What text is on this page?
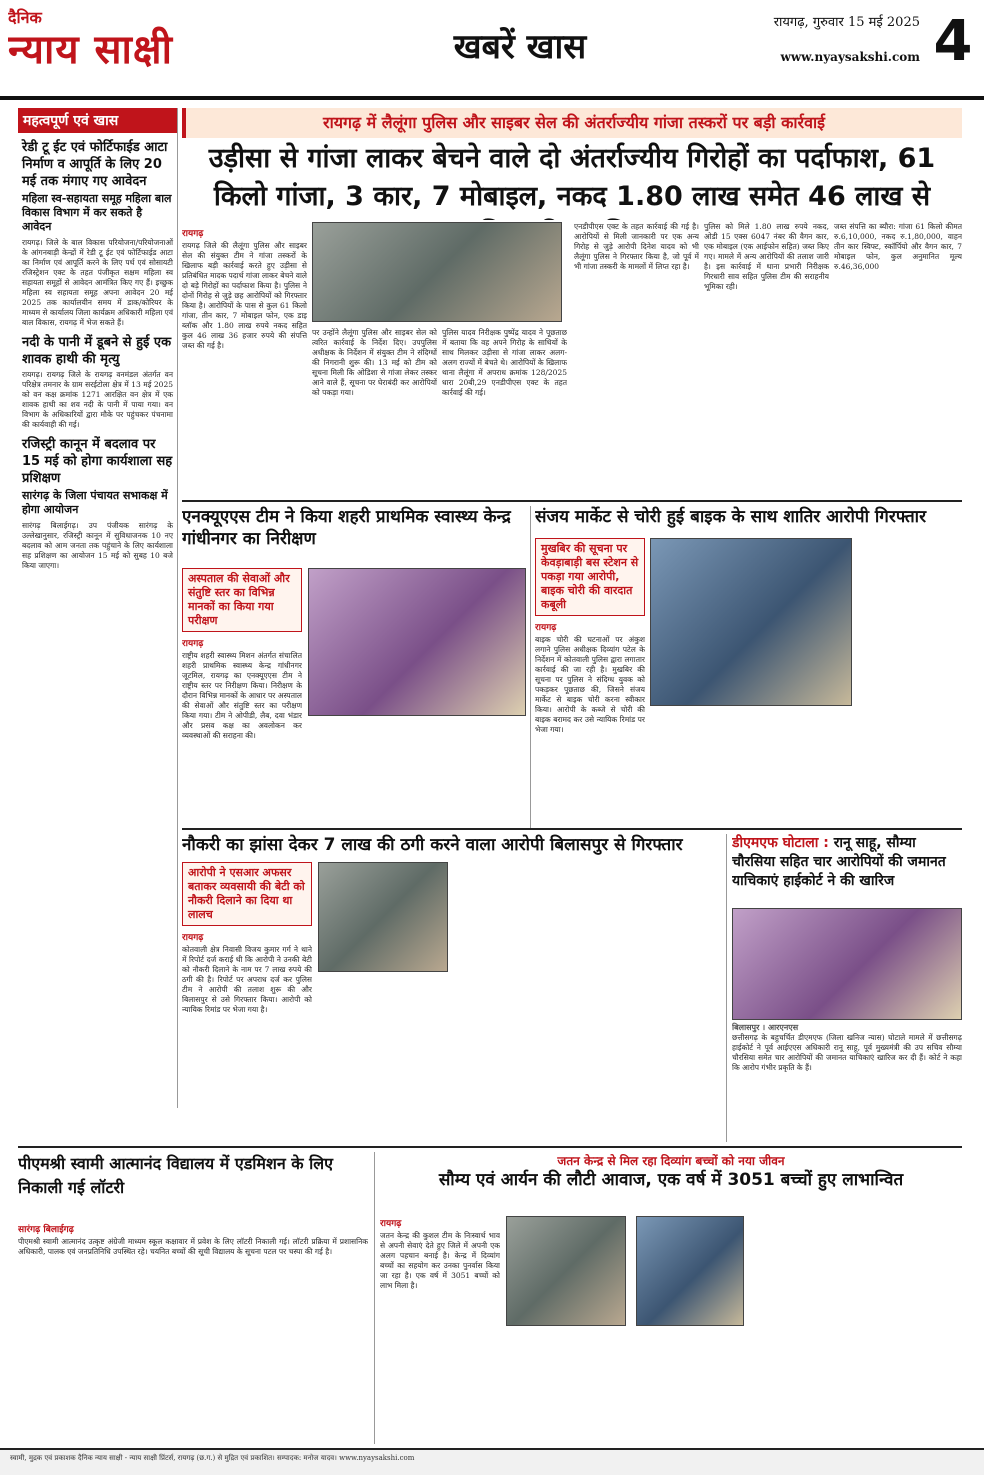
दैनिक
न्याय साक्षी	खबरें खास
रायगढ़, गुरुवार 15 मई 2025
www.nyaysakshi.com 4
महत्वपूर्ण एवं खास
रेडी टू ईट एवं फोर्टिफाईड आटा निर्माण व आपूर्ति के लिए 20 मई तक मंगाए गए आवेदन
महिला स्व-सहायता समूह महिला बाल विकास विभाग में कर सकते है आवेदन
रायगढ़। जिले के बाल विकास परियोजना/परियोजनाओं के आंगनबाड़ी केन्द्रों में रेडी टू ईट एवं फोर्टिफाईड आटा का निर्माण एवं आपूर्ति करने के लिए पर्थ एवं सोसायटी रजिस्ट्रेशन एक्ट के तहत पंजीकृत सक्षम महिला स्व सहायता समूहों से आवेदन आमंत्रित किए गए हैं। इच्छुक महिला स्व सहायता समूह अपना आवेदन 20 मई 2025 तक कार्यालयीन समय में डाक/कोरियर के माध्यम से कार्यालय जिला कार्यक्रम अधिकारी महिला एवं बाल विकास, रायगढ़ में भेज सकते हैं।
नदी के पानी में डूबने से हुई एक शावक हाथी की मृत्यु
रायगढ़। रायगढ़ जिले के रायगढ़ वनमंडल अंतर्गत वन परिक्षेत्र तमनार के ग्राम सरईटोला क्षेत्र में 13 मई 2025 को वन कक्ष क्रमांक 1271 आरक्षित वन क्षेत्र में एक शावक हाथी का शव नदी के पानी में पाया गया। वन विभाग के अधिकारियों द्वारा मौके पर पहुंचकर पंचनामा की कार्यवाही की गई।
रजिस्ट्री कानून में बदलाव पर 15 मई को होगा कार्यशाला सह प्रशिक्षण
सारंगढ़ के जिला पंचायत सभाकक्ष में होगा आयोजन
सारंगढ़ बिलाईगढ़। उप पंजीयक सारंगढ़ के उल्लेखानुसार, रजिस्ट्री कानून में सुविधाजनक 10 नए बदलाव को आम जनता तक पहुंचाने के लिए कार्यशाला सह प्रशिक्षण का आयोजन 15 मई को सुबह 10 बजे किया जाएगा।
रायगढ़ में लैलूंगा पुलिस और साइबर सेल की अंतर्राज्यीय गांजा तस्करों पर बड़ी कार्रवाई
उड़ीसा से गांजा लाकर बेचने वाले दो अंतर्राज्यीय गिरोहों का पर्दाफाश, 61 किलो गांजा, 3 कार, 7 मोबाइल, नकद 1.80 लाख समेत 46 लाख से
रायगढ़
रायगढ़ जिले की लैलूंगा पुलिस और साइबर सेल की संयुक्त टीम ने गांजा तस्करों के खिलाफ बड़ी कार्रवाई करते हुए उड़ीसा से प्रतिबंधित मादक पदार्थ गांजा लाकर बेचने वाले दो बड़े गिरोहों का पर्दाफाश किया है। पुलिस ने दोनों गिरोह से जुड़े छह आरोपियों को गिरफ्तार किया है। आरोपियों के पास से कुल 61 किलो गांजा, तीन कार, 7 मोबाइल फोन, एक डाइ ब्लॉक और 1.80 लाख रुपये नकद सहित कुल 46 लाख 36 हजार रुपये की संपत्ति जब्त की गई है।
पर उन्होंने लैलूंगा पुलिस और साइबर सेल को त्वरित कार्रवाई के निर्देश दिए। उपपुलिस अधीक्षक के निर्देशन में संयुक्त टीम ने संदिग्धों की निगरानी शुरू की। 13 मई को टीम को सूचना मिली कि ओडिशा से गांजा लेकर तस्कर आने वाले हैं, सूचना पर घेराबंदी कर आरोपियों को पकड़ा गया।
पुलिस यादव निरीक्षक पुष्पेंद्र यादव ने पूछताछ में बताया कि वह अपने गिरोह के साथियों के साथ मिलकर उड़ीसा से गांजा लाकर अलग-अलग राज्यों में बेचते थे। आरोपियों के खिलाफ थाना लैलूंगा में अपराध क्रमांक 128/2025 धारा 20बी,29 एनडीपीएस एक्ट के तहत कार्रवाई की गई।
एनडीपीएस एक्ट के तहत कार्रवाई की गई है। आरोपियों से मिली जानकारी पर एक अन्य गिरोह से जुड़े आरोपी दिनेश यादव को भी लैलूंगा पुलिस ने गिरफ्तार किया है, जो पूर्व में भी गांजा तस्करी के मामलों में लिप्त रहा है।
पुलिस को मिले 1.80 लाख रुपये नकद, ओडी 15 एक्स 6047 नंबर की वैगन कार, एक मोबाइल (एक आईफोन सहित) जब्त किए गए। मामले में अन्य आरोपियों की तलाश जारी है। इस कार्रवाई में थाना प्रभारी निरीक्षक गिरधारी साव सहित पुलिस टीम की सराहनीय भूमिका रही।
जब्त संपत्ति का ब्यौरा: गांजा 61 किलो कीमत रु.6,10,000, नकद रु.1,80,000, वाहन तीन कार स्विफ्ट, स्कॉर्पियो और वैगन कार, 7 मोबाइल फोन, कुल अनुमानित मूल्य रु.46,36,000
एनक्यूएएस टीम ने किया शहरी प्राथमिक स्वास्थ्य केन्द्र गांधीनगर का निरीक्षण
अस्पताल की सेवाओं और संतुष्टि स्तर का विभिन्न मानकों का किया गया परीक्षण
रायगढ़
राष्ट्रीय शहरी स्वास्थ्य मिशन अंतर्गत संचालित शहरी प्राथमिक स्वास्थ्य केन्द्र गांधीनगर जूटमिल, रायगढ़ का एनक्यूएएस टीम ने राष्ट्रीय स्तर पर निरीक्षण किया। निरीक्षण के दौरान विभिन्न मानकों के आधार पर अस्पताल की सेवाओं और संतुष्टि स्तर का परीक्षण किया गया। टीम ने ओपीडी, लैब, दवा भंडार और प्रसव कक्ष का अवलोकन कर व्यवस्थाओं की सराहना की।
संजय मार्केट से चोरी हुई बाइक के साथ शातिर आरोपी गिरफ्तार
मुखबिर की सूचना पर केवड़ाबाड़ी बस स्टेशन से पकड़ा गया आरोपी, बाइक चोरी की वारदात कबूली
रायगढ़
बाइक चोरी की घटनाओं पर अंकुश लगाने पुलिस अधीक्षक दिव्यांग पटेल के निर्देशन में कोतवाली पुलिस द्वारा लगातार कार्रवाई की जा रही है। मुखबिर की सूचना पर पुलिस ने संदिग्ध युवक को पकड़कर पूछताछ की, जिसने संजय मार्केट से बाइक चोरी करना स्वीकार किया। आरोपी के कब्जे से चोरी की बाइक बरामद कर उसे न्यायिक रिमांड पर भेजा गया।
नौकरी का झांसा देकर 7 लाख की ठगी करने वाला आरोपी बिलासपुर से गिरफ्तार
आरोपी ने एसआर अफसर बताकर व्यवसायी की बेटी को नौकरी दिलाने का दिया था लालच
रायगढ़
कोतवाली क्षेत्र निवासी विजय कुमार गर्ग ने थाने में रिपोर्ट दर्ज कराई थी कि आरोपी ने उनकी बेटी को नौकरी दिलाने के नाम पर 7 लाख रुपये की ठगी की है। रिपोर्ट पर अपराध दर्ज कर पुलिस टीम ने आरोपी की तलाश शुरू की और बिलासपुर से उसे गिरफ्तार किया। आरोपी को न्यायिक रिमांड पर भेजा गया है।
डीएमएफ घोटाला : रानू साहू, सौम्या चौरसिया सहित चार आरोपियों की जमानत याचिकाएं हाईकोर्ट ने की खारिज
बिलासपुर । आरएनएस
छत्तीसगढ़ के बहुचर्चित डीएमएफ (जिला खनिज न्यास) घोटाले मामले में छत्तीसगढ़ हाईकोर्ट ने पूर्व आईएएस अधिकारी रानू साहू, पूर्व मुख्यमंत्री की उप सचिव सौम्या चौरसिया समेत चार आरोपियों की जमानत याचिकाएं खारिज कर दी हैं। कोर्ट ने कहा कि आरोप गंभीर प्रकृति के हैं।
पीएमश्री स्वामी आत्मानंद विद्यालय में एडमिशन के लिए निकाली गई लॉटरी
सारंगढ़ बिलाईगढ़
पीएमश्री स्वामी आत्मानंद उत्कृष्ट अंग्रेजी माध्यम स्कूल कक्षावार में प्रवेश के लिए लॉटरी निकाली गई। लॉटरी प्रक्रिया में प्रशासनिक अधिकारी, पालक एवं जनप्रतिनिधि उपस्थित रहे। चयनित बच्चों की सूची विद्यालय के सूचना पटल पर चस्पा की गई है।
जतन केन्द्र से मिल रहा दिव्यांग बच्चों को नया जीवन
सौम्य एवं आर्यन की लौटी आवाज, एक वर्ष में 3051 बच्चों हुए लाभान्वित
रायगढ़
जतन केन्द्र की कुशल टीम के निःस्वार्थ भाव से अपनी सेवाएं देते हुए जिले में अपनी एक अलग पहचान बनाई है। केन्द्र में दिव्यांग बच्चों का सहयोग कर उनका पुनर्वास किया जा रहा है। एक वर्ष में 3051 बच्चों को लाभ मिला है।
स्वामी, मुद्रक एवं प्रकाशक दैनिक न्याय साक्षी - न्याय साक्षी प्रिंटर्स, रायगढ़ (छ.ग.) से मुद्रित एवं प्रकाशित। सम्पादक: मनोज यादव। www.nyaysakshi.com
